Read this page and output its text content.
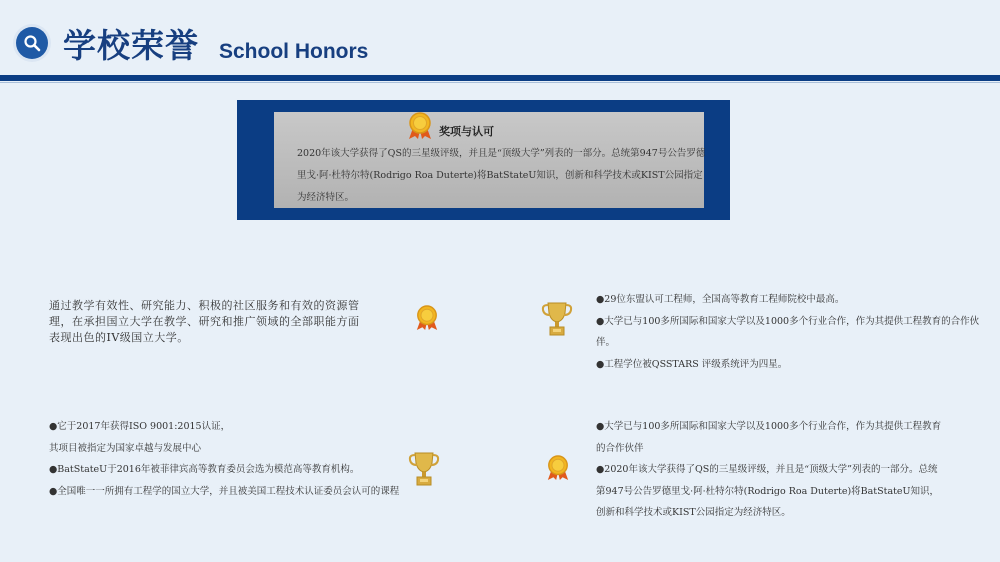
学校荣誉 School Honors
奖项与认可
2020年该大学获得了QS的三星级评级，并且是“顶级大学”列表的一部分。总统第947号公告罗德里戈·阿·杜特尔特(Rodrigo Roa Duterte)将BatStateU知识，创新和科学技术或KIST公园指定为经济特区。
通过教学有效性、研究能力、积极的社区服务和有效的资源管理，在承担国立大学在教学、研究和推广领域的全部职能方面表现出色的IV级国立大学。
●29位东盟认可工程师，全国高等教育工程师院校中最高。
●大学已与100多所国际和国家大学以及1000多个行业合作，作为其提供工程教育的合作伙伴。
●工程学位被QSSTARS 评级系统评为四星。
●它于2017年获得ISO 9001:2015认证，
其项目被指定为国家卓越与发展中心
●BatStateU于2016年被菲律宾高等教育委员会选为模范高等教育机构。
●全国唯一一所拥有工程学的国立大学，并且被美国工程技术认证委员会认可的课程
●大学已与100多所国际和国家大学以及1000多个行业合作，作为其提供工程教育的合作伙伴
●2020年该大学获得了QS的三星级评级，并且是“顶级大学”列表的一部分。总统第947号公告罗德里戈·阿·杜特尔特(Rodrigo Roa Duterte)将BatStateU知识，创新和科学技术或KIST公园指定为经济特区。
